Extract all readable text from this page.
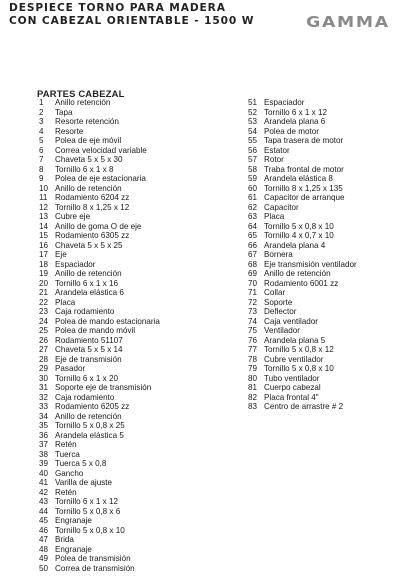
DESPIECE TORNO PARA MADERA
CON CABEZAL ORIENTABLE - 1500 W	GAMMA
PARTES CABEZAL
1	Anillo retención
2	Tapa
3	Resorte retención
4	Resorte
5	Polea de eje móvil
6	Correa velocidad variable
7	Chaveta 5 x 5 x 30
8	Tornillo 6 x 1 x 8
9	Polea de eje estacionaria
10 Anillo de retención
11 Rodamiento 6204 zz
12 Tornillo 8 x 1,25 x 12
13 Cubre eje
14 Anillo de goma O de eje
15 Rodamiento 6305 zz
16 Chaveta 5 x 5 x 25
17 Eje
18 Espaciador
19 Anillo de retención
20 Tornillo 6 x 1 x 16
21 Arandela elástica 6
22 Placa
23 Caja rodamiento
24 Polea de mando estacionaria
25 Polea de mando móvil
26 Rodamiento 51107
27 Chaveta 5 x 5 x 14
28 Eje de transmisión
29 Pasador
30 Tornillo 6 x 1 x 20
31 Soporte eje de transmisión
32 Caja rodamiento
33 Rodamiento 6205 zz
34 Anillo de retención
35 Tornillo 5 x 0,8 x 25
36 Arandela elástica 5
37 Retén
38 Tuerca
39 Tuerca 5 x 0,8
40 Gancho
41 Varilla de ajuste
42 Retén
43 Tornillo 6 x 1 x 12
44 Tornillo 5 x 0,8 x 6
45 Engranaje
46 Tornillo 5 x 0,8 x 10
47 Brida
48 Engranaje
49 Polea de transmisión
50 Correa de transmisión
51 Espaciador
52 Tornillo 6 x 1 x 12
53 Arandela plana 6
54 Polea de motor
55 Tapa trasera de motor
56 Estator
57 Rotor
58 Traba frontal de motor
59 Arandela elástica 8
60 Tornillo 8 x 1,25 x 135
61 Capacitor de arranque
62 Capacitor
63 Placa
64 Tornillo 5 x 0,8 x 10
65 Tornillo 4 x 0,7 x 10
66 Arandela plana 4
67 Bornera
68 Eje transmisión ventilador
69 Anillo de retención
70 Rodamiento 6001 zz
71 Collar
72 Soporte
73 Deflector
74 Caja ventilador
75 Ventilador
76 Arandela plana 5
77 Tornillo 5 x 0,8 x 12
78 Cubre ventilador
79 Tornillo 5 x 0,8 x 10
80 Tubo ventilador
81 Cuerpo cabezal
82 Placa frontal 4"
83 Centro de arrastre # 2
